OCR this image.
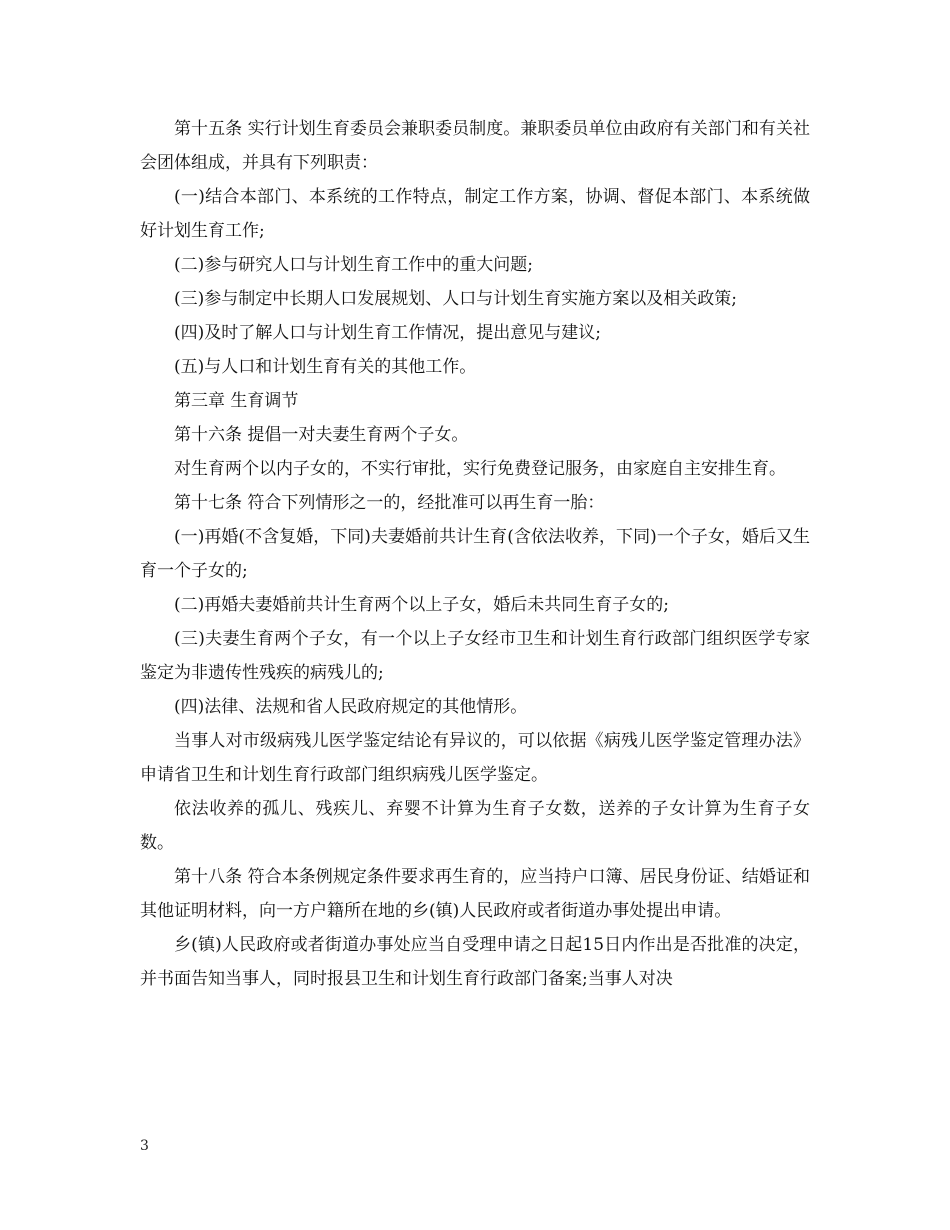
第十五条 实行计划生育委员会兼职委员制度。兼职委员单位由政府有关部门和有关社会团体组成，并具有下列职责：

(一)结合本部门、本系统的工作特点，制定工作方案，协调、督促本部门、本系统做好计划生育工作;

(二)参与研究人口与计划生育工作中的重大问题;

(三)参与制定中长期人口发展规划、人口与计划生育实施方案以及相关政策;

(四)及时了解人口与计划生育工作情况，提出意见与建议;

(五)与人口和计划生育有关的其他工作。

第三章 生育调节

第十六条 提倡一对夫妻生育两个子女。

对生育两个以内子女的，不实行审批，实行免费登记服务，由家庭自主安排生育。

第十七条 符合下列情形之一的，经批准可以再生育一胎：

(一)再婚(不含复婚，下同)夫妻婚前共计生育(含依法收养，下同)一个子女，婚后又生育一个子女的;

(二)再婚夫妻婚前共计生育两个以上子女，婚后未共同生育子女的;

(三)夫妻生育两个子女，有一个以上子女经市卫生和计划生育行政部门组织医学专家鉴定为非遗传性残疾的病残儿的;

(四)法律、法规和省人民政府规定的其他情形。

当事人对市级病残儿医学鉴定结论有异议的，可以依据《病残儿医学鉴定管理办法》申请省卫生和计划生育行政部门组织病残儿医学鉴定。

依法收养的孤儿、残疾儿、弃婴不计算为生育子女数，送养的子女计算为生育子女数。

第十八条 符合本条例规定条件要求再生育的，应当持户口簿、居民身份证、结婚证和其他证明材料，向一方户籍所在地的乡(镇)人民政府或者街道办事处提出申请。

乡(镇)人民政府或者街道办事处应当自受理申请之日起15日内作出是否批准的决定，并书面告知当事人，同时报县卫生和计划生育行政部门备案;当事人对决

3
